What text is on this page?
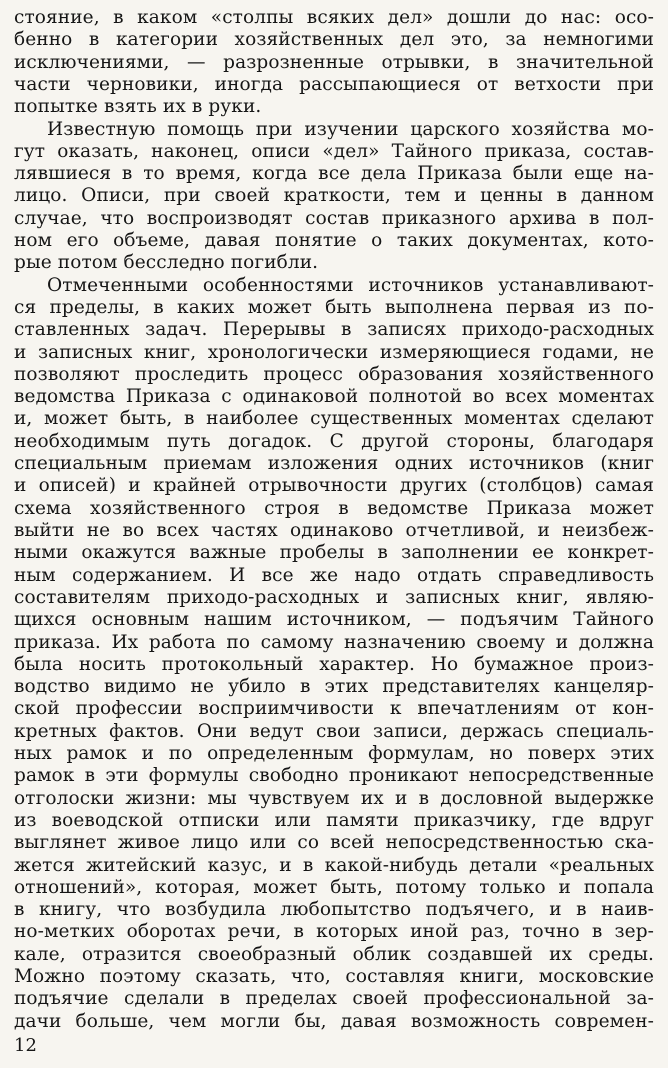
стояние, в каком «столпы всяких дел» дошли до нас: осо-
бенно в категории хозяйственных дел это, за немногими
исключениями, — разрозненные отрывки, в значительной
части черновики, иногда рассыпающиеся от ветхости при
попытке взять их в руки.
Известную помощь при изучении царского хозяйства мо-
гут оказать, наконец, описи «дел» Тайного приказа, состав-
лявшиеся в то время, когда все дела Приказа были еще на-
лицо. Описи, при своей краткости, тем и ценны в данном
случае, что воспроизводят состав приказного архива в пол-
ном его объеме, давая понятие о таких документах, кото-
рые потом бесследно погибли.
Отмеченными особенностями источников устанавливают-
ся пределы, в каких может быть выполнена первая из по-
ставленных задач. Перерывы в записях приходо-расходных
и записных книг, хронологически измеряющиеся годами, не
позволяют проследить процесс образования хозяйственного
ведомства Приказа с одинаковой полнотой во всех моментах
и, может быть, в наиболее существенных моментах сделают
необходимым путь догадок. С другой стороны, благодаря
специальным приемам изложения одних источников (книг
и описей) и крайней отрывочности других (столбцов) самая
схема хозяйственного строя в ведомстве Приказа может
выйти не во всех частях одинаково отчетливой, и неизбеж-
ными окажутся важные пробелы в заполнении ее конкрет-
ным содержанием. И все же надо отдать справедливость
составителям приходо-расходных и записных книг, являю-
щихся основным нашим источником, — подъячим Тайного
приказа. Их работа по самому назначению своему и должна
была носить протокольный характер. Но бумажное произ-
водство видимо не убило в этих представителях канцеляр-
ской профессии восприимчивости к впечатлениям от кон-
кретных фактов. Они ведут свои записи, держась специаль-
ных рамок и по определенным формулам, но поверх этих
рамок в эти формулы свободно проникают непосредственные
отголоски жизни: мы чувствуем их и в дословной выдержке
из воеводской отписки или памяти приказчику, где вдруг
выглянет живое лицо или со всей непосредственностью ска-
жется житейский казус, и в какой-нибудь детали «реальных
отношений», которая, может быть, потому только и попала
в книгу, что возбудила любопытство подъячего, и в наив-
но-метких оборотах речи, в которых иной раз, точно в зер-
кале, отразится своеобразный облик создавшей их среды.
Можно поэтому сказать, что, составляя книги, московские
подъячие сделали в пределах своей профессиональной за-
дачи больше, чем могли бы, давая возможность современ-
12
